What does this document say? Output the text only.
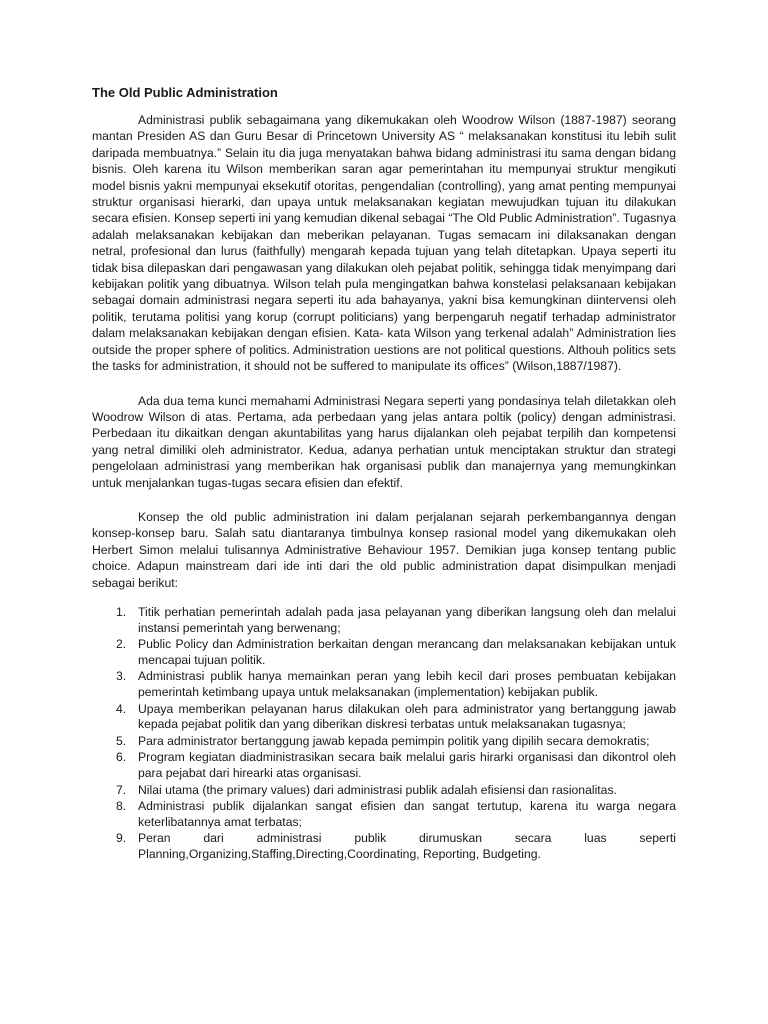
The Old Public Administration

Administrasi publik sebagaimana yang dikemukakan oleh Woodrow Wilson (1887-1987) seorang mantan Presiden AS dan Guru Besar di Princetown University AS “ melaksanakan konstitusi itu lebih sulit daripada membuatnya.” Selain itu dia juga menyatakan bahwa bidang administrasi itu sama dengan bidang bisnis. Oleh karena itu Wilson memberikan saran agar pemerintahan itu mempunyai struktur mengikuti model bisnis yakni mempunyai eksekutif otoritas, pengendalian (controlling), yang amat penting mempunyai struktur organisasi hierarki, dan upaya untuk melaksanakan kegiatan mewujudkan tujuan itu dilakukan secara efisien. Konsep seperti ini yang kemudian dikenal sebagai “The Old Public Administration”. Tugasnya adalah melaksanakan kebijakan dan meberikan pelayanan. Tugas semacam ini dilaksanakan dengan netral, profesional dan lurus (faithfully) mengarah kepada tujuan yang telah ditetapkan. Upaya seperti itu tidak bisa dilepaskan dari pengawasan yang dilakukan oleh pejabat politik, sehingga tidak menyimpang dari kebijakan politik yang dibuatnya. Wilson telah pula mengingatkan bahwa konstelasi pelaksanaan kebijakan sebagai domain administrasi negara seperti itu ada bahayanya, yakni bisa kemungkinan diintervensi oleh politik, terutama politisi yang korup (corrupt politicians) yang berpengaruh negatif terhadap administrator dalam melaksanakan kebijakan dengan efisien. Kata- kata Wilson yang terkenal adalah” Administration lies outside the proper sphere of politics. Administration uestions are not political questions. Althouh politics sets the tasks for administration, it should not be suffered to manipulate its offices” (Wilson,1887/1987).

Ada dua tema kunci memahami Administrasi Negara seperti yang pondasinya telah diletakkan oleh Woodrow Wilson di atas. Pertama, ada perbedaan yang jelas antara poltik (policy) dengan administrasi. Perbedaan itu dikaitkan dengan akuntabilitas yang harus dijalankan oleh pejabat terpilih dan kompetensi yang netral dimiliki oleh administrator. Kedua, adanya perhatian untuk menciptakan struktur dan strategi pengelolaan administrasi yang memberikan hak organisasi publik dan manajernya yang memungkinkan untuk menjalankan tugas-tugas secara efisien dan efektif.

Konsep the old public administration ini dalam perjalanan sejarah perkembangannya dengan konsep-konsep baru. Salah satu diantaranya timbulnya konsep rasional model yang dikemukakan oleh Herbert Simon melalui tulisannya Administrative Behaviour 1957. Demikian juga konsep tentang public choice. Adapun mainstream dari ide inti dari the old public administration dapat disimpulkan menjadi sebagai berikut:

1. Titik perhatian pemerintah adalah pada jasa pelayanan yang diberikan langsung oleh dan melalui instansi pemerintah yang berwenang;
2. Public Policy dan Administration berkaitan dengan merancang dan melaksanakan kebijakan untuk mencapai tujuan politik.
3. Administrasi publik hanya memainkan peran yang lebih kecil dari proses pembuatan kebijakan pemerintah ketimbang upaya untuk melaksanakan (implementation) kebijakan publik.
4. Upaya memberikan pelayanan harus dilakukan oleh para administrator yang bertanggung jawab kepada pejabat politik dan yang diberikan diskresi terbatas untuk melaksanakan tugasnya;
5. Para administrator bertanggung jawab kepada pemimpin politik yang dipilih secara demokratis;
6. Program kegiatan diadministrasikan secara baik melalui garis hirarki organisasi dan dikontrol oleh para pejabat dari hirearki atas organisasi.
7. Nilai utama (the primary values) dari administrasi publik adalah efisiensi dan rasionalitas.
8. Administrasi publik dijalankan sangat efisien dan sangat tertutup, karena itu warga negara keterlibatannya amat terbatas;
9. Peran dari administrasi publik dirumuskan secara luas seperti Planning,Organizing,Staffing,Directing,Coordinating, Reporting, Budgeting.
